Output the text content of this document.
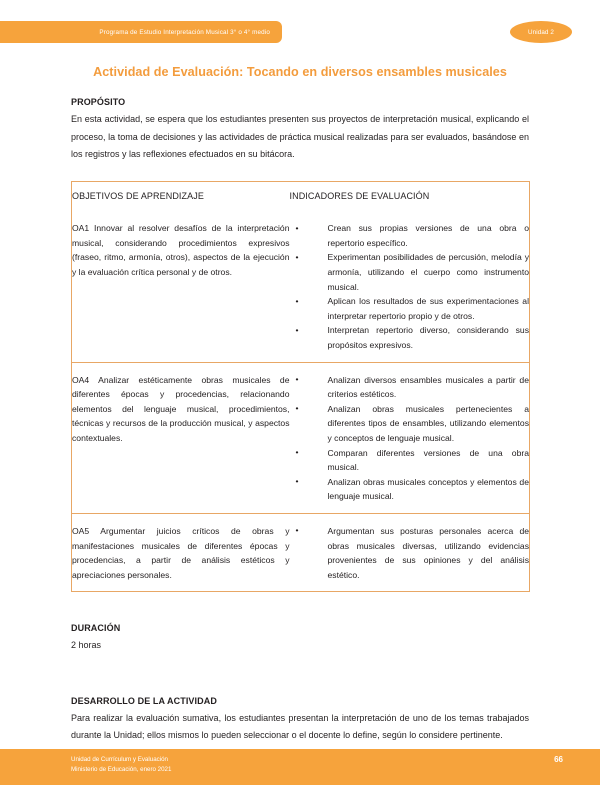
Programa de Estudio Interpretación Musical 3° o 4° medio	Unidad 2
Actividad de Evaluación: Tocando en diversos ensambles musicales
PROPÓSITO
En esta actividad, se espera que los estudiantes presenten sus proyectos de interpretación musical, explicando el proceso, la toma de decisiones y las actividades de práctica musical realizadas para ser evaluados, basándose en los registros y las reflexiones efectuados en su bitácora.
OBJETIVOS DE APRENDIZAJE	INDICADORES DE EVALUACIÓN

OA1 Innovar al resolver desafíos de la interpretación musical, considerando procedimientos expresivos (fraseo, ritmo, armonía, otros), aspectos de la ejecución y la evaluación crítica personal y de otros.

• Crean sus propias versiones de una obra o repertorio específico.
• Experimentan posibilidades de percusión, melodía y armonía, utilizando el cuerpo como instrumento musical.
• Aplican los resultados de sus experimentaciones al interpretar repertorio propio y de otros.
• Interpretan repertorio diverso, considerando sus propósitos expresivos.

OA4 Analizar estéticamente obras musicales de diferentes épocas y procedencias, relacionando elementos del lenguaje musical, procedimientos, técnicas y recursos de la producción musical, y aspectos contextuales.

• Analizan diversos ensambles musicales a partir de criterios estéticos.
• Analizan obras musicales pertenecientes a diferentes tipos de ensambles, utilizando elementos y conceptos de lenguaje musical.
• Comparan diferentes versiones de una obra musical.
• Analizan obras musicales conceptos y elementos de lenguaje musical.

OA5 Argumentar juicios críticos de obras y manifestaciones musicales de diferentes épocas y procedencias, a partir de análisis estéticos y apreciaciones personales.

• Argumentan sus posturas personales acerca de obras musicales diversas, utilizando evidencias provenientes de sus opiniones y del análisis estético.
DURACIÓN
2 horas
DESARROLLO DE LA ACTIVIDAD
Para realizar la evaluación sumativa, los estudiantes presentan la interpretación de uno de los temas trabajados durante la Unidad; ellos mismos lo pueden seleccionar o el docente lo define, según lo considere pertinente.
Unidad de Currículum y Evaluación
Ministerio de Educación, enero 2021
66
